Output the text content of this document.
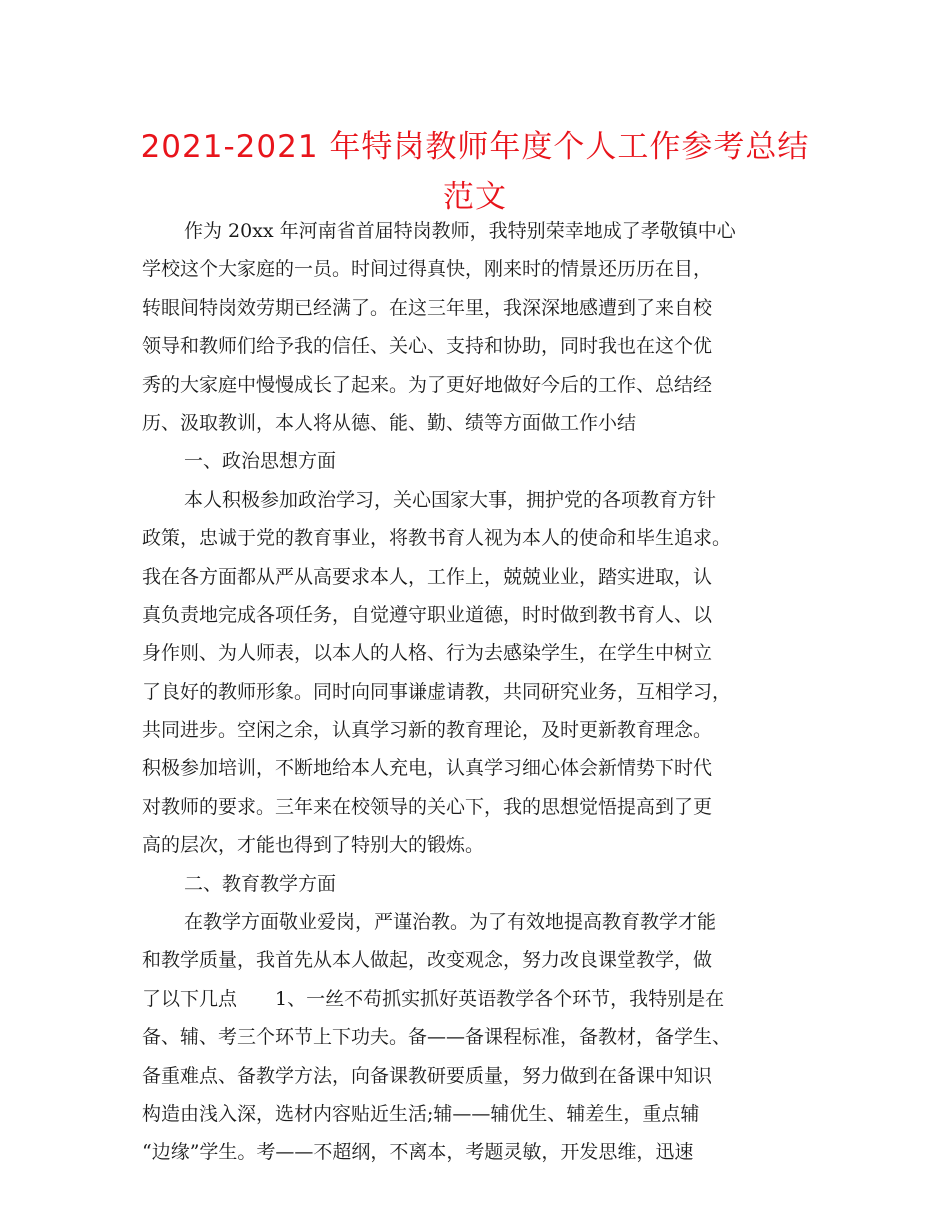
2021-2021 年特岗教师年度个人工作参考总结
范文
作为 20xx 年河南省首届特岗教师，我特别荣幸地成了孝敬镇中心
学校这个大家庭的一员。时间过得真快，刚来时的情景还历历在目，
转眼间特岗效劳期已经满了。在这三年里，我深深地感遭到了来自校
领导和教师们给予我的信任、关心、支持和协助，同时我也在这个优
秀的大家庭中慢慢成长了起来。为了更好地做好今后的工作、总结经
历、汲取教训，本人将从德、能、勤、绩等方面做工作小结
一、政治思想方面
本人积极参加政治学习，关心国家大事，拥护党的各项教育方针
政策，忠诚于党的教育事业，将教书育人视为本人的使命和毕生追求。
我在各方面都从严从高要求本人，工作上，兢兢业业，踏实进取，认
真负责地完成各项任务，自觉遵守职业道德，时时做到教书育人、以
身作则、为人师表，以本人的人格、行为去感染学生，在学生中树立
了良好的教师形象。同时向同事谦虚请教，共同研究业务，互相学习，
共同进步。空闲之余，认真学习新的教育理论，及时更新教育理念。
积极参加培训，不断地给本人充电，认真学习细心体会新情势下时代
对教师的要求。三年来在校领导的关心下，我的思想觉悟提高到了更
高的层次，才能也得到了特别大的锻炼。
二、教育教学方面
在教学方面敬业爱岗，严谨治教。为了有效地提高教育教学才能
和教学质量，我首先从本人做起，改变观念，努力改良课堂教学，做
了以下几点　　1、一丝不苟抓实抓好英语教学各个环节，我特别是在
备、辅、考三个环节上下功夫。备——备课程标准，备教材，备学生、
备重难点、备教学方法，向备课教研要质量，努力做到在备课中知识
构造由浅入深，选材内容贴近生活;辅——辅优生、辅差生，重点辅
“边缘”学生。考——不超纲，不离本，考题灵敏，开发思维，迅速
